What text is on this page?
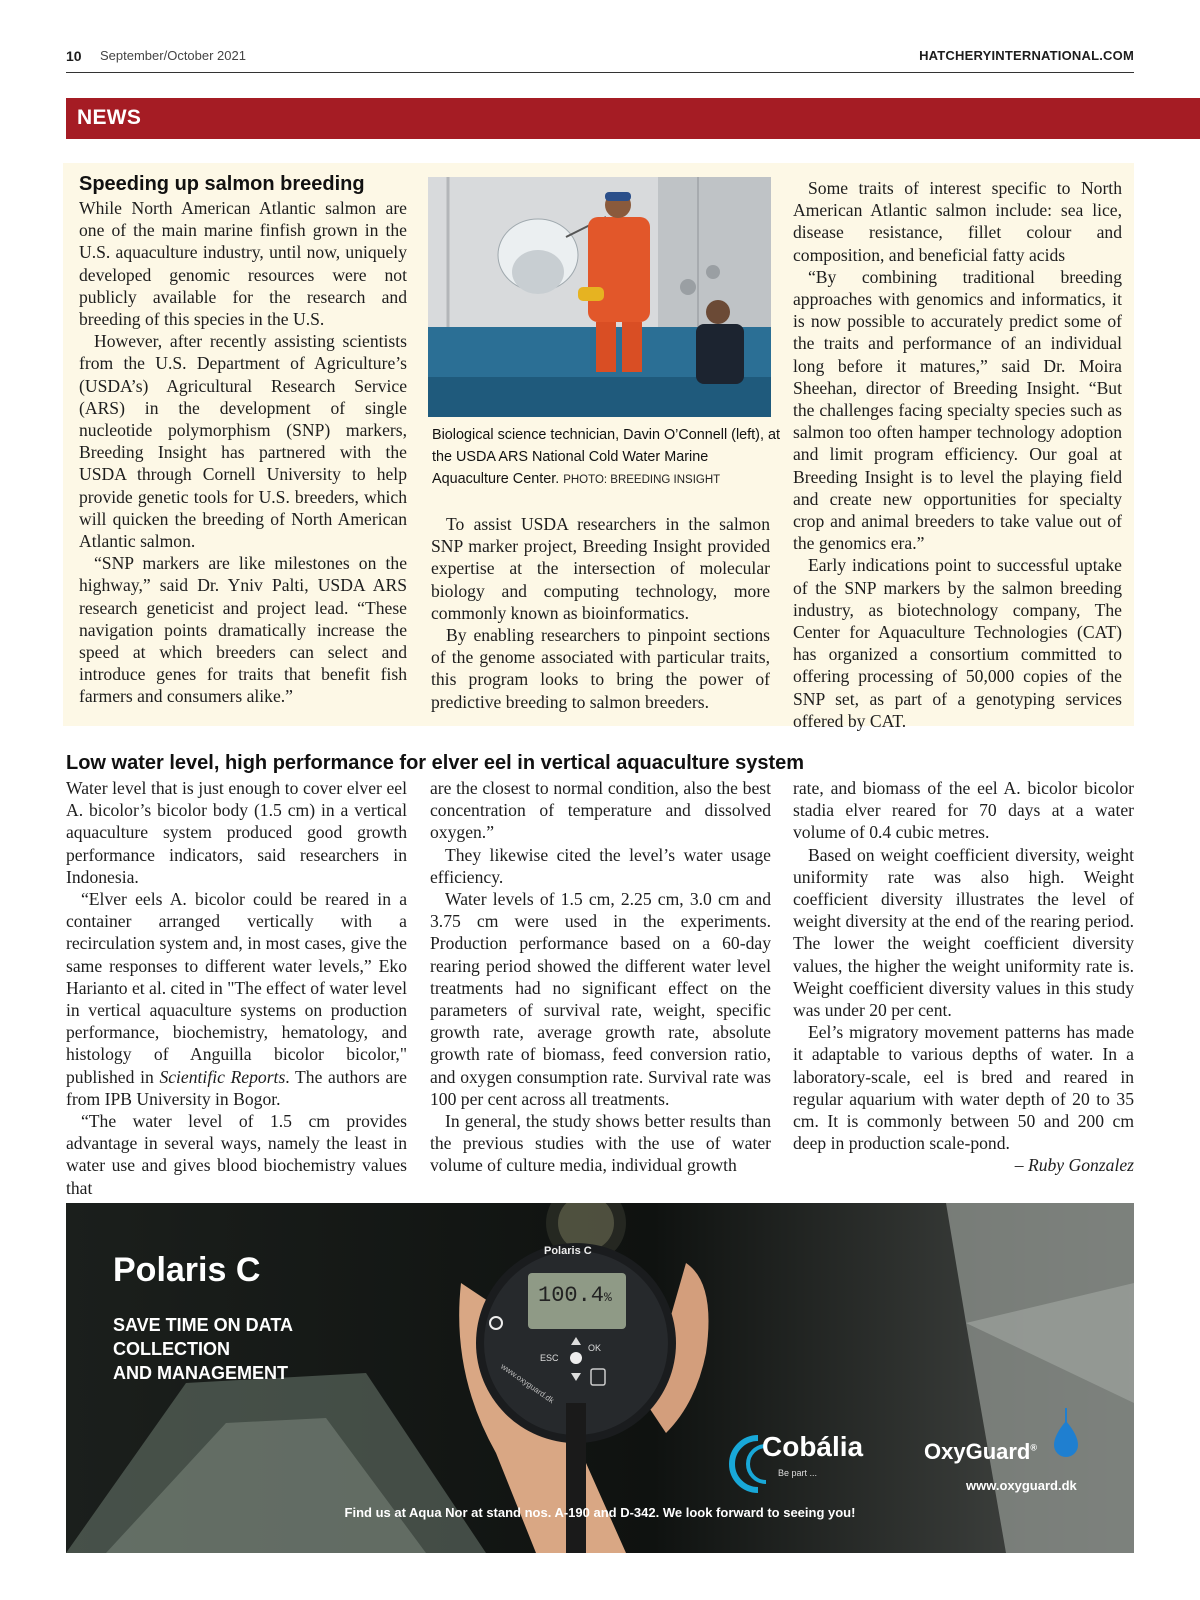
10 September/October 2021	HATCHERYINTERNATIONAL.COM
NEWS
Speeding up salmon breeding

While North American Atlantic salmon are one of the main marine finfish grown in the U.S. aquaculture industry, until now, uniquely developed genomic resources were not publicly available for the research and breeding of this species in the U.S.

However, after recently assisting scientists from the U.S. Department of Agriculture’s (USDA’s) Agricultural Research Service (ARS) in the development of single nucleotide polymorphism (SNP) markers, Breeding Insight has partnered with the USDA through Cornell University to help provide genetic tools for U.S. breeders, which will quicken the breeding of North American Atlantic salmon.

“SNP markers are like milestones on the highway,” said Dr. Yniv Palti, USDA ARS research geneticist and project lead. “These navigation points dramatically increase the speed at which breeders can select and introduce genes for traits that benefit fish farmers and consumers alike.”

Biological science technician, Davin O’Connell (left), at the USDA ARS National Cold Water Marine Aquaculture Center. PHOTO: BREEDING INSIGHT

To assist USDA researchers in the salmon SNP marker project, Breeding Insight provided expertise at the intersection of molecular biology and computing technology, more commonly known as bioinformatics.

By enabling researchers to pinpoint sections of the genome associated with particular traits, this program looks to bring the power of predictive breeding to salmon breeders.

Some traits of interest specific to North American Atlantic salmon include: sea lice, disease resistance, fillet colour and composition, and beneficial fatty acids

“By combining traditional breeding approaches with genomics and informatics, it is now possible to accurately predict some of the traits and performance of an individual long before it matures,” said Dr. Moira Sheehan, director of Breeding Insight. “But the challenges facing specialty species such as salmon too often hamper technology adoption and limit program efficiency. Our goal at Breeding Insight is to level the playing field and create new opportunities for specialty crop and animal breeders to take value out of the genomics era.”

Early indications point to successful uptake of the SNP markers by the salmon breeding industry, as biotechnology company, The Center for Aquaculture Technologies (CAT) has organized a consortium committed to offering processing of 50,000 copies of the SNP set, as part of a genotyping services offered by CAT.

Low water level, high performance for elver eel in vertical aquaculture system

Water level that is just enough to cover elver eel A. bicolor’s bicolor body (1.5 cm) in a vertical aquaculture system produced good growth performance indicators, said researchers in Indonesia.

“Elver eels A. bicolor could be reared in a container arranged vertically with a recirculation system and, in most cases, give the same responses to different water levels,” Eko Harianto et al. cited in "The effect of water level in vertical aquaculture systems on production performance, biochemistry, hematology, and histology of Anguilla bicolor bicolor," published in Scientific Reports. The authors are from IPB University in Bogor.

“The water level of 1.5 cm provides advantage in several ways, namely the least in water use and gives blood biochemistry values that

are the closest to normal condition, also the best concentration of temperature and dissolved oxygen.”

They likewise cited the level’s water usage efficiency.

Water levels of 1.5 cm, 2.25 cm, 3.0 cm and 3.75 cm were used in the experiments. Production performance based on a 60-day rearing period showed the different water level treatments had no significant effect on the parameters of survival rate, weight, specific growth rate, average growth rate, absolute growth rate of biomass, feed conversion ratio, and oxygen consumption rate. Survival rate was 100 per cent across all treatments.

In general, the study shows better results than the previous studies with the use of water volume of culture media, individual growth

rate, and biomass of the eel A. bicolor bicolor stadia elver reared for 70 days at a water volume of 0.4 cubic metres.

Based on weight coefficient diversity, weight uniformity rate was also high. Weight coefficient diversity illustrates the level of weight diversity at the end of the rearing period. The lower the weight coefficient diversity values, the higher the weight uniformity rate is. Weight coefficient diversity values in this study was under 20 per cent.

Eel’s migratory movement patterns has made it adaptable to various depths of water. In a laboratory-scale, eel is bred and reared in regular aquarium with water depth of 20 to 35 cm. It is commonly between 50 and 200 cm deep in production scale-pond.

– Ruby Gonzalez

Polaris C
SAVE TIME ON DATA
COLLECTION
AND MANAGEMENT
Polaris C
100.4%
ESC
OK
www.oxyguard.dk
Cobália
Be part ...
OxyGuard®
www.oxyguard.dk
Find us at Aqua Nor at stand nos. A-190 and D-342. We look forward to seeing you!
